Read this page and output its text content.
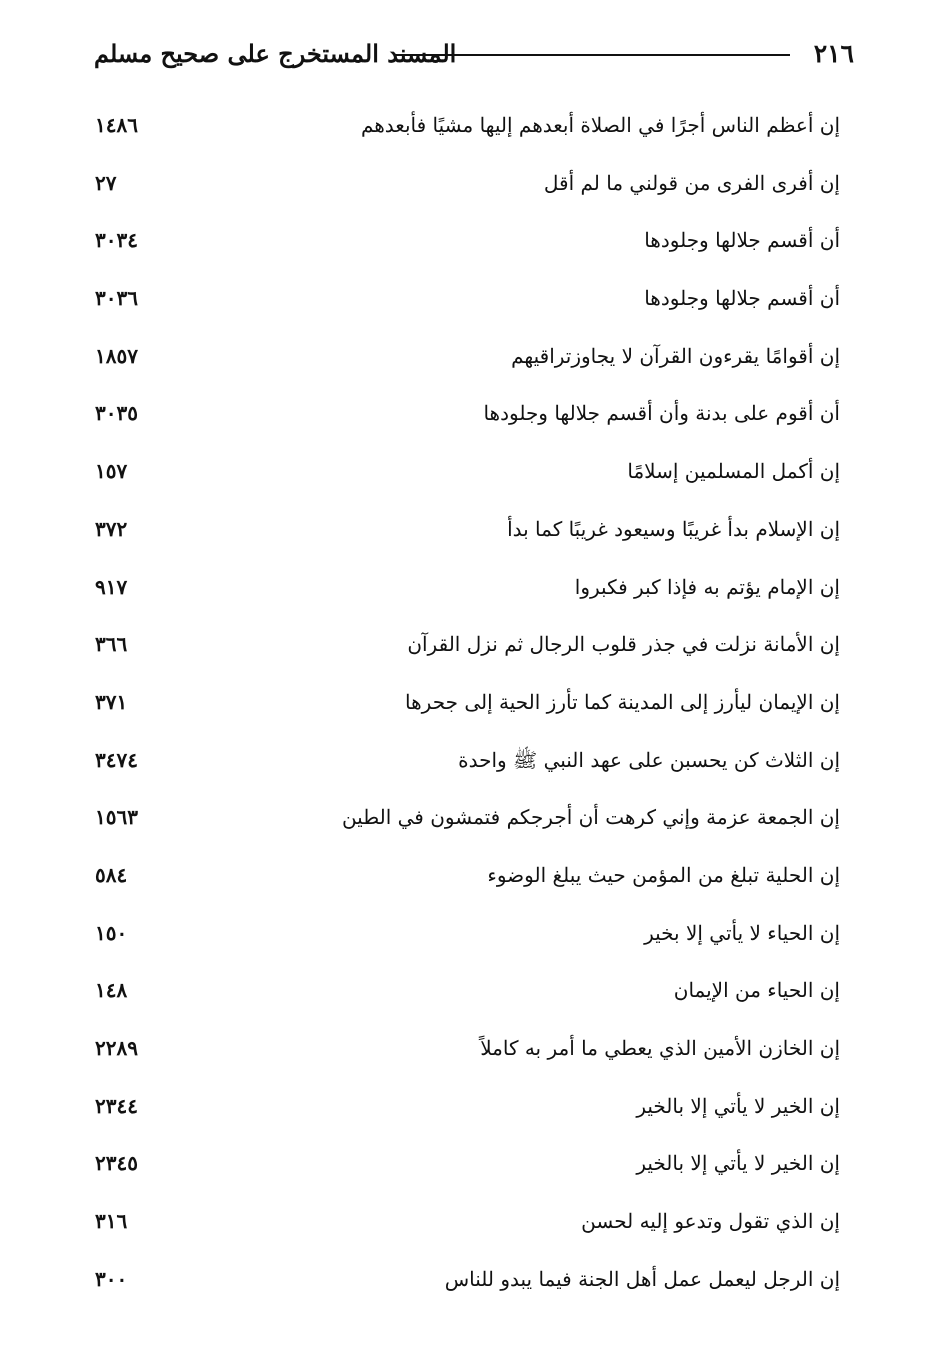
٢١٦
المسند المستخرج على صحيح مسلم
إن أعظم الناس أجرًا في الصلاة أبعدهم إليها مشيًا فأبعدهم
١٤٨٦
إن أفرى الفرى من قولني ما لم أقل
٢٧
أن أقسم جلالها وجلودها
٣٠٣٤
أن أقسم جلالها وجلودها
٣٠٣٦
إن أقوامًا يقرءون القرآن لا يجاوزتراقيهم
١٨٥٧
أن أقوم على بدنة وأن أقسم جلالها وجلودها
٣٠٣٥
إن أكمل المسلمين إسلامًا
١٥٧
إن الإسلام بدأ غريبًا وسيعود غريبًا كما بدأ
٣٧٢
إن الإمام يؤتم به فإذا كبر فكبروا
٩١٧
إن الأمانة نزلت في جذر قلوب الرجال ثم نزل القرآن
٣٦٦
إن الإيمان ليأرز إلى المدينة كما تأرز الحية إلى جحرها
٣٧١
إن الثلاث كن يحسبن على عهد النبي ﷺ واحدة
٣٤٧٤
إن الجمعة عزمة وإني كرهت أن أجرجكم فتمشون في الطين
١٥٦٣
إن الحلية تبلغ من المؤمن حيث يبلغ الوضوء
٥٨٤
إن الحياء لا يأتي إلا بخير
١٥٠
إن الحياء من الإيمان
١٤٨
إن الخازن الأمين الذي يعطي ما أمر به كاملاً
٢٢٨٩
إن الخير لا يأتي إلا بالخير
٢٣٤٤
إن الخير لا يأتي إلا بالخير
٢٣٤٥
إن الذي تقول وتدعو إليه لحسن
٣١٦
إن الرجل ليعمل عمل أهل الجنة فيما يبدو للناس
٣٠٠
